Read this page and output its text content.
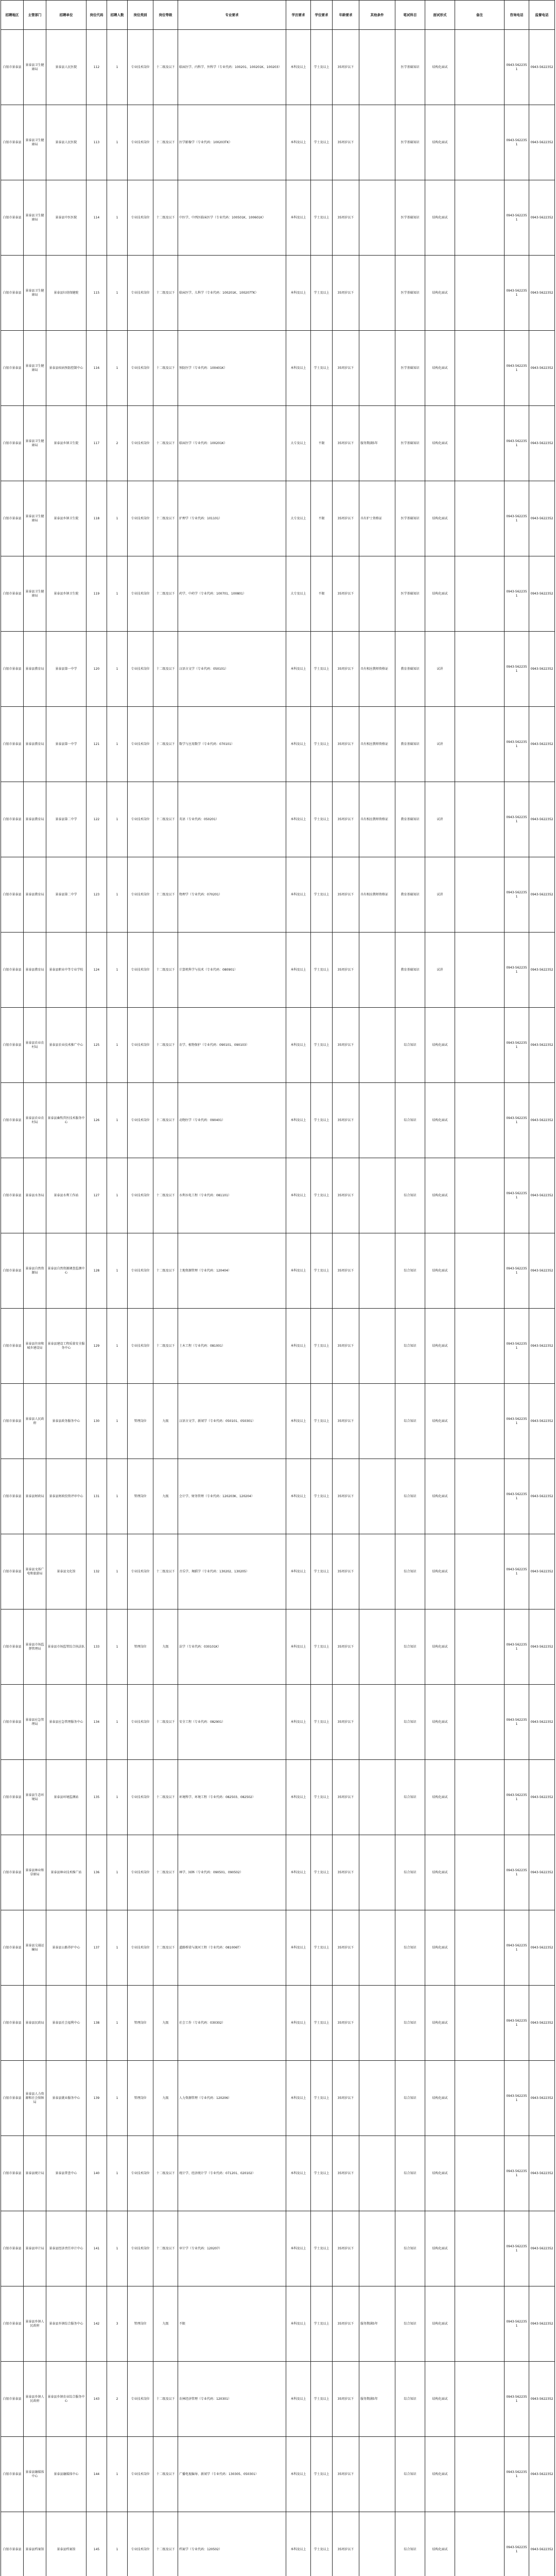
招聘地区	主管部门	招聘单位	岗位代码	招聘人数	岗位类别	岗位等级	专业要求	学历要求	学位要求	年龄要求	其他条件	笔试科目	面试形式	备注	咨询电话	监督电话
白银市景泰县	景泰县卫生健康局	景泰县人民医院	112	1	专业技术岗位	十二级及以下	临床医学、内科学、外科学（专业代码：100201、100201K、100203）	本科及以上	学士及以上	35周岁以下		医学基础知识	结构化面试		0943-5622351	0943-5622352
白银市景泰县	景泰县卫生健康局	景泰县人民医院	113	1	专业技术岗位	十二级及以下	医学影像学（专业代码：100203TK）	本科及以上	学士及以上	35周岁以下		医学基础知识	结构化面试		0943-5622351	0943-5622352
白银市景泰县	景泰县卫生健康局	景泰县中医医院	114	1	专业技术岗位	十二级及以下	中医学、中西医临床医学（专业代码：100501K、100601K）	本科及以上	学士及以上	35周岁以下		医学基础知识	结构化面试		0943-5622351	0943-5622352
白银市景泰县	景泰县卫生健康局	景泰县妇幼保健院	115	1	专业技术岗位	十二级及以下	临床医学、儿科学（专业代码：100201K、100207TK）	本科及以上	学士及以上	35周岁以下		医学基础知识	结构化面试		0943-5622351	0943-5622352
白银市景泰县	景泰县卫生健康局	景泰县疾病预防控制中心	116	1	专业技术岗位	十二级及以下	预防医学（专业代码：100401K）	本科及以上	学士及以上	35周岁以下		医学基础知识	结构化面试		0943-5622351	0943-5622352
白银市景泰县	景泰县卫生健康局	景泰县乡镇卫生院	117	2	专业技术岗位	十二级及以下	临床医学（专业代码：100201K）	大专及以上	不限	35周岁以下	服务期满5年	医学基础知识	结构化面试		0943-5622351	0943-5622352
白银市景泰县	景泰县卫生健康局	景泰县乡镇卫生院	118	1	专业技术岗位	十二级及以下	护理学（专业代码：101101）	大专及以上	不限	35周岁以下	具有护士资格证	医学基础知识	结构化面试		0943-5622351	0943-5622352
白银市景泰县	景泰县卫生健康局	景泰县乡镇卫生院	119	1	专业技术岗位	十二级及以下	药学、中药学（专业代码：100701、100801）	大专及以上	不限	35周岁以下		医学基础知识	结构化面试		0943-5622351	0943-5622352
白银市景泰县	景泰县教育局	景泰县第一中学	120	1	专业技术岗位	十二级及以下	汉语言文学（专业代码：050101）	本科及以上	学士及以上	35周岁以下	具有相应教师资格证	教育基础知识	试讲		0943-5622351	0943-5622352
白银市景泰县	景泰县教育局	景泰县第一中学	121	1	专业技术岗位	十二级及以下	数学与应用数学（专业代码：070101）	本科及以上	学士及以上	35周岁以下	具有相应教师资格证	教育基础知识	试讲		0943-5622351	0943-5622352
白银市景泰县	景泰县教育局	景泰县第二中学	122	1	专业技术岗位	十二级及以下	英语（专业代码：050201）	本科及以上	学士及以上	35周岁以下	具有相应教师资格证	教育基础知识	试讲		0943-5622351	0943-5622352
白银市景泰县	景泰县教育局	景泰县第二中学	123	1	专业技术岗位	十二级及以下	物理学（专业代码：070201）	本科及以上	学士及以上	35周岁以下	具有相应教师资格证	教育基础知识	试讲		0943-5622351	0943-5622352
白银市景泰县	景泰县教育局	景泰县职业中等专业学校	124	1	专业技术岗位	十二级及以下	计算机科学与技术（专业代码：080901）	本科及以上	学士及以上	35周岁以下		教育基础知识	试讲		0943-5622351	0943-5622352
白银市景泰县	景泰县农业农村局	景泰县农业技术推广中心	125	1	专业技术岗位	十二级及以下	农学、植物保护（专业代码：090101、090103）	本科及以上	学士及以上	35周岁以下		综合知识	结构化面试		0943-5622351	0943-5622352
白银市景泰县	景泰县农业农村局	景泰县畜牧兽医技术服务中心	126	1	专业技术岗位	十二级及以下	动物医学（专业代码：090401）	本科及以上	学士及以上	35周岁以下		综合知识	结构化面试		0943-5622351	0943-5622352
白银市景泰县	景泰县水务局	景泰县水利工作站	127	1	专业技术岗位	十二级及以下	水利水电工程（专业代码：081101）	本科及以上	学士及以上	35周岁以下		综合知识	结构化面试		0943-5622351	0943-5622352
白银市景泰县	景泰县自然资源局	景泰县自然资源调查监测中心	128	1	专业技术岗位	十二级及以下	土地资源管理（专业代码：120404）	本科及以上	学士及以上	35周岁以下		综合知识	结构化面试		0943-5622351	0943-5622352
白银市景泰县	景泰县住房和城乡建设局	景泰县建设工程质量安全服务中心	129	1	专业技术岗位	十二级及以下	土木工程（专业代码：081001）	本科及以上	学士及以上	35周岁以下		综合知识	结构化面试		0943-5622351	0943-5622352
白银市景泰县	景泰县人民政府	景泰县政务服务中心	130	1	管理岗位	九级	汉语言文学、新闻学（专业代码：050101、050301）	本科及以上	学士及以上	35周岁以下		综合知识	结构化面试		0943-5622351	0943-5622352
白银市景泰县	景泰县财政局	景泰县财政投资评审中心	131	1	管理岗位	九级	会计学、财务管理（专业代码：120203K、120204）	本科及以上	学士及以上	35周岁以下		综合知识	结构化面试		0943-5622351	0943-5622352
白银市景泰县	景泰县文体广电和旅游局	景泰县文化馆	132	1	专业技术岗位	十二级及以下	音乐学、舞蹈学（专业代码：130202、130205）	本科及以上	学士及以上	35周岁以下		综合知识	结构化面试		0943-5622351	0943-5622352
白银市景泰县	景泰县市场监督管理局	景泰县市场监管综合执法队	133	1	管理岗位	九级	法学（专业代码：030101K）	本科及以上	学士及以上	35周岁以下		综合知识	结构化面试		0943-5622351	0943-5622352
白银市景泰县	景泰县应急管理局	景泰县应急管理服务中心	134	1	专业技术岗位	十二级及以下	安全工程（专业代码：082901）	本科及以上	学士及以上	35周岁以下		综合知识	结构化面试		0943-5622351	0943-5622352
白银市景泰县	景泰县生态环境局	景泰县环境监测站	135	1	专业技术岗位	十二级及以下	环境科学、环境工程（专业代码：082503、082502）	本科及以上	学士及以上	35周岁以下		综合知识	结构化面试		0943-5622351	0943-5622352
白银市景泰县	景泰县林业和草原局	景泰县林业技术推广站	136	1	专业技术岗位	十二级及以下	林学、园林（专业代码：090501、090502）	本科及以上	学士及以上	35周岁以下		综合知识	结构化面试		0943-5622351	0943-5622352
白银市景泰县	景泰县交通运输局	景泰县公路养护中心	137	1	专业技术岗位	十二级及以下	道路桥梁与渡河工程（专业代码：081006T）	本科及以上	学士及以上	35周岁以下		综合知识	结构化面试		0943-5622351	0943-5622352
白银市景泰县	景泰县民政局	景泰县社会福利中心	138	1	管理岗位	九级	社会工作（专业代码：030302）	本科及以上	学士及以上	35周岁以下		综合知识	结构化面试		0943-5622351	0943-5622352
白银市景泰县	景泰县人力资源和社会保障局	景泰县就业服务中心	139	1	管理岗位	九级	人力资源管理（专业代码：120206）	本科及以上	学士及以上	35周岁以下		综合知识	结构化面试		0943-5622351	0943-5622352
白银市景泰县	景泰县统计局	景泰县普查中心	140	1	专业技术岗位	十二级及以下	统计学、经济统计学（专业代码：071201、020102）	本科及以上	学士及以上	35周岁以下		综合知识	结构化面试		0943-5622351	0943-5622352
白银市景泰县	景泰县审计局	景泰县经济责任审计中心	141	1	专业技术岗位	十二级及以下	审计学（专业代码：120207）	本科及以上	学士及以上	35周岁以下		综合知识	结构化面试		0943-5622351	0943-5622352
白银市景泰县	景泰县乡镇人民政府	景泰县乡镇综合服务中心	142	3	管理岗位	九级	不限	本科及以上	学士及以上	35周岁以下	服务期满5年	综合知识	结构化面试		0943-5622351	0943-5622352
白银市景泰县	景泰县乡镇人民政府	景泰县乡镇农业综合服务中心	143	2	专业技术岗位	十二级及以下	农林经济管理（专业代码：120301）	本科及以上	学士及以上	35周岁以下	服务期满5年	综合知识	结构化面试		0943-5622351	0943-5622352
白银市景泰县	景泰县融媒体中心	景泰县融媒体中心	144	1	专业技术岗位	十二级及以下	广播电视编导、新闻学（专业代码：130305、050301）	本科及以上	学士及以上	35周岁以下		综合知识	结构化面试		0943-5622351	0943-5622352
白银市景泰县	景泰县档案馆	景泰县档案馆	145	1	专业技术岗位	十二级及以下	档案学（专业代码：120502）	本科及以上	学士及以上	35周岁以下		综合知识	结构化面试		0943-5622351	0943-5622352
